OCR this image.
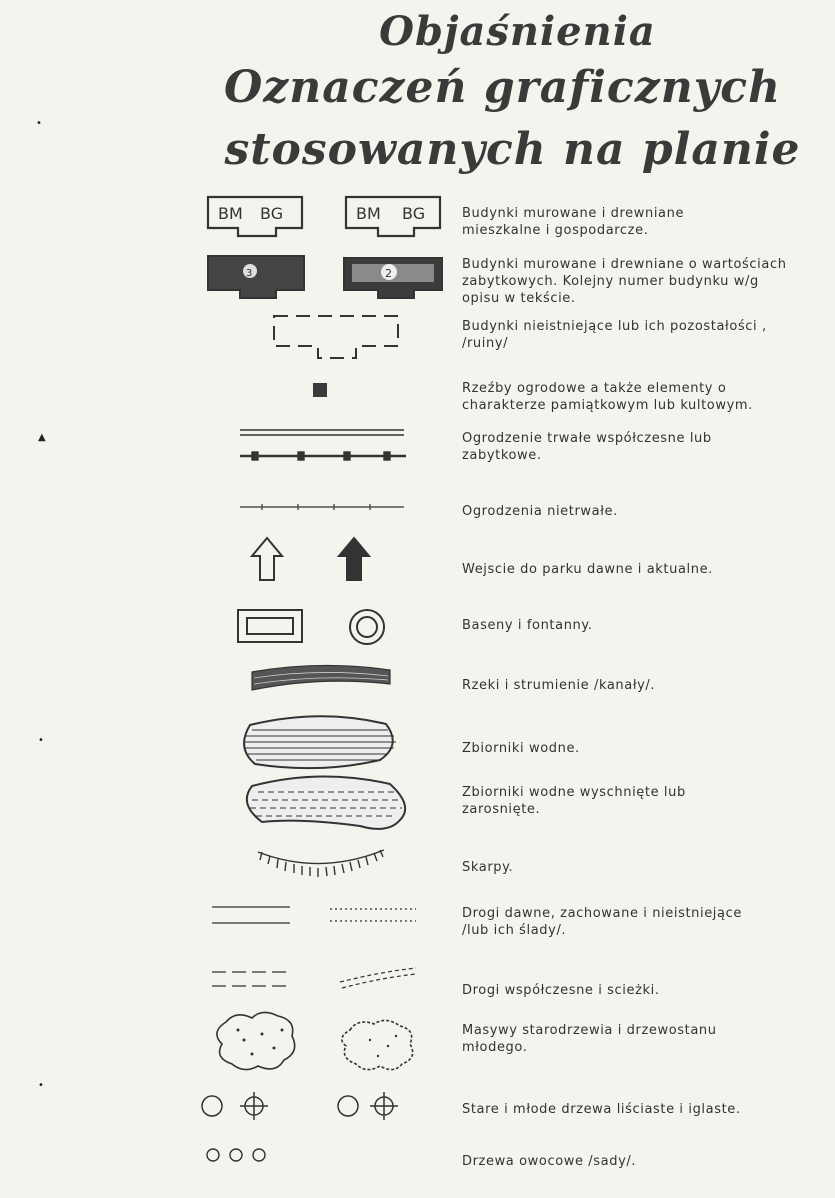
Objaśnienia
Oznaczeń graficznych
stosowanych na planie
•
▲
•
•
BM BG	BM BG
3	2
Budynki murowane i drewniane
mieszkalne i gospodarcze.
Budynki murowane i drewniane o wartościach
zabytkowych. Kolejny numer budynku w/g
opisu w tekście.
Budynki nieistniejące lub ich pozostałości ,
/ruiny/
Rzeźby ogrodowe a także elementy o
charakterze pamiątkowym lub kultowym.
Ogrodzenie trwałe współczesne lub
zabytkowe.
Ogrodzenia nietrwałe.
Wejscie do parku dawne i aktualne.
Baseny i fontanny.
Rzeki i strumienie /kanały/.
Zbiorniki wodne.
Zbiorniki wodne wyschnięte lub
zarosnięte.
Skarpy.
Drogi dawne, zachowane i nieistniejące
/lub ich ślady/.
Drogi współczesne i scieżki.
Masywy starodrzewia i drzewostanu
młodego.
Stare i młode drzewa liściaste i iglaste.
Drzewa owocowe /sady/.
